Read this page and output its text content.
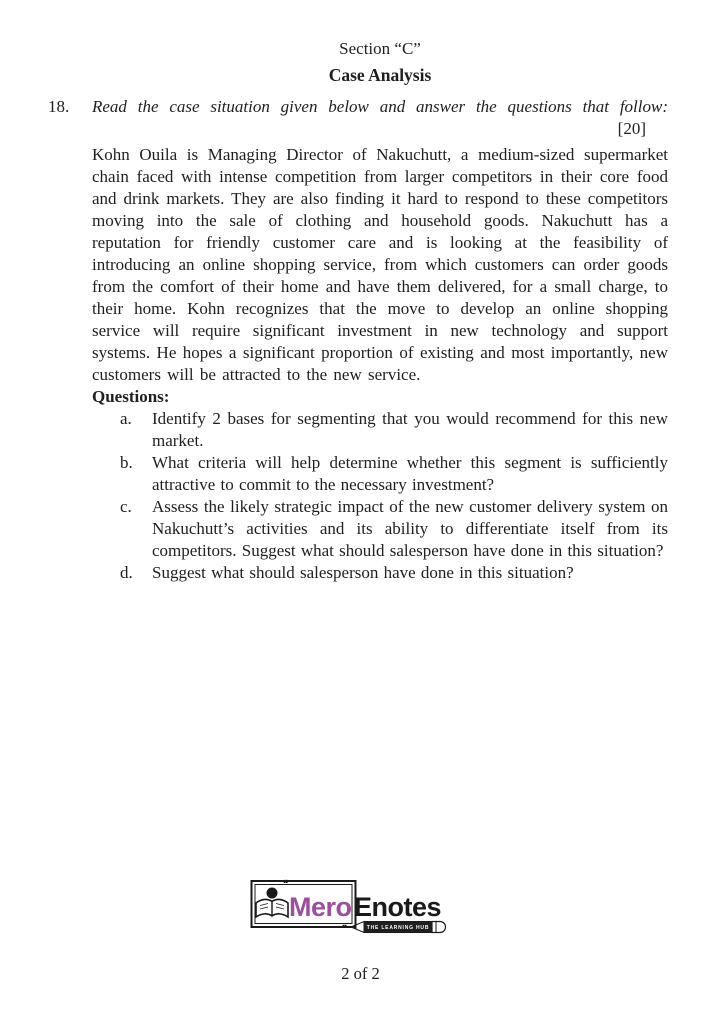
Section “C”
Case Analysis
18.	Read the case situation given below and answer the questions that follow:
[20]

Kohn Ouila is Managing Director of Nakuchutt, a medium-sized supermarket chain faced with intense competition from larger competitors in their core food and drink markets. They are also finding it hard to respond to these competitors moving into the sale of clothing and household goods. Nakuchutt has a reputation for friendly customer care and is looking at the feasibility of introducing an online shopping service, from which customers can order goods from the comfort of their home and have them delivered, for a small charge, to their home. Kohn recognizes that the move to develop an online shopping service will require significant investment in new technology and support systems. He hopes a significant proportion of existing and most importantly, new customers will be attracted to the new service.

Questions:
a.	Identify 2 bases for segmenting that you would recommend for this new market.
b.	What criteria will help determine whether this segment is sufficiently attractive to commit to the necessary investment?
c.	Assess the likely strategic impact of the new customer delivery system on Nakuchutt’s activities and its ability to differentiate itself from its competitors. Suggest what should salesperson have done in this situation?
d.	Suggest what should salesperson have done in this situation?
❝
❞
Mero Enotes
THE LEARNING HUB
2 of 2
